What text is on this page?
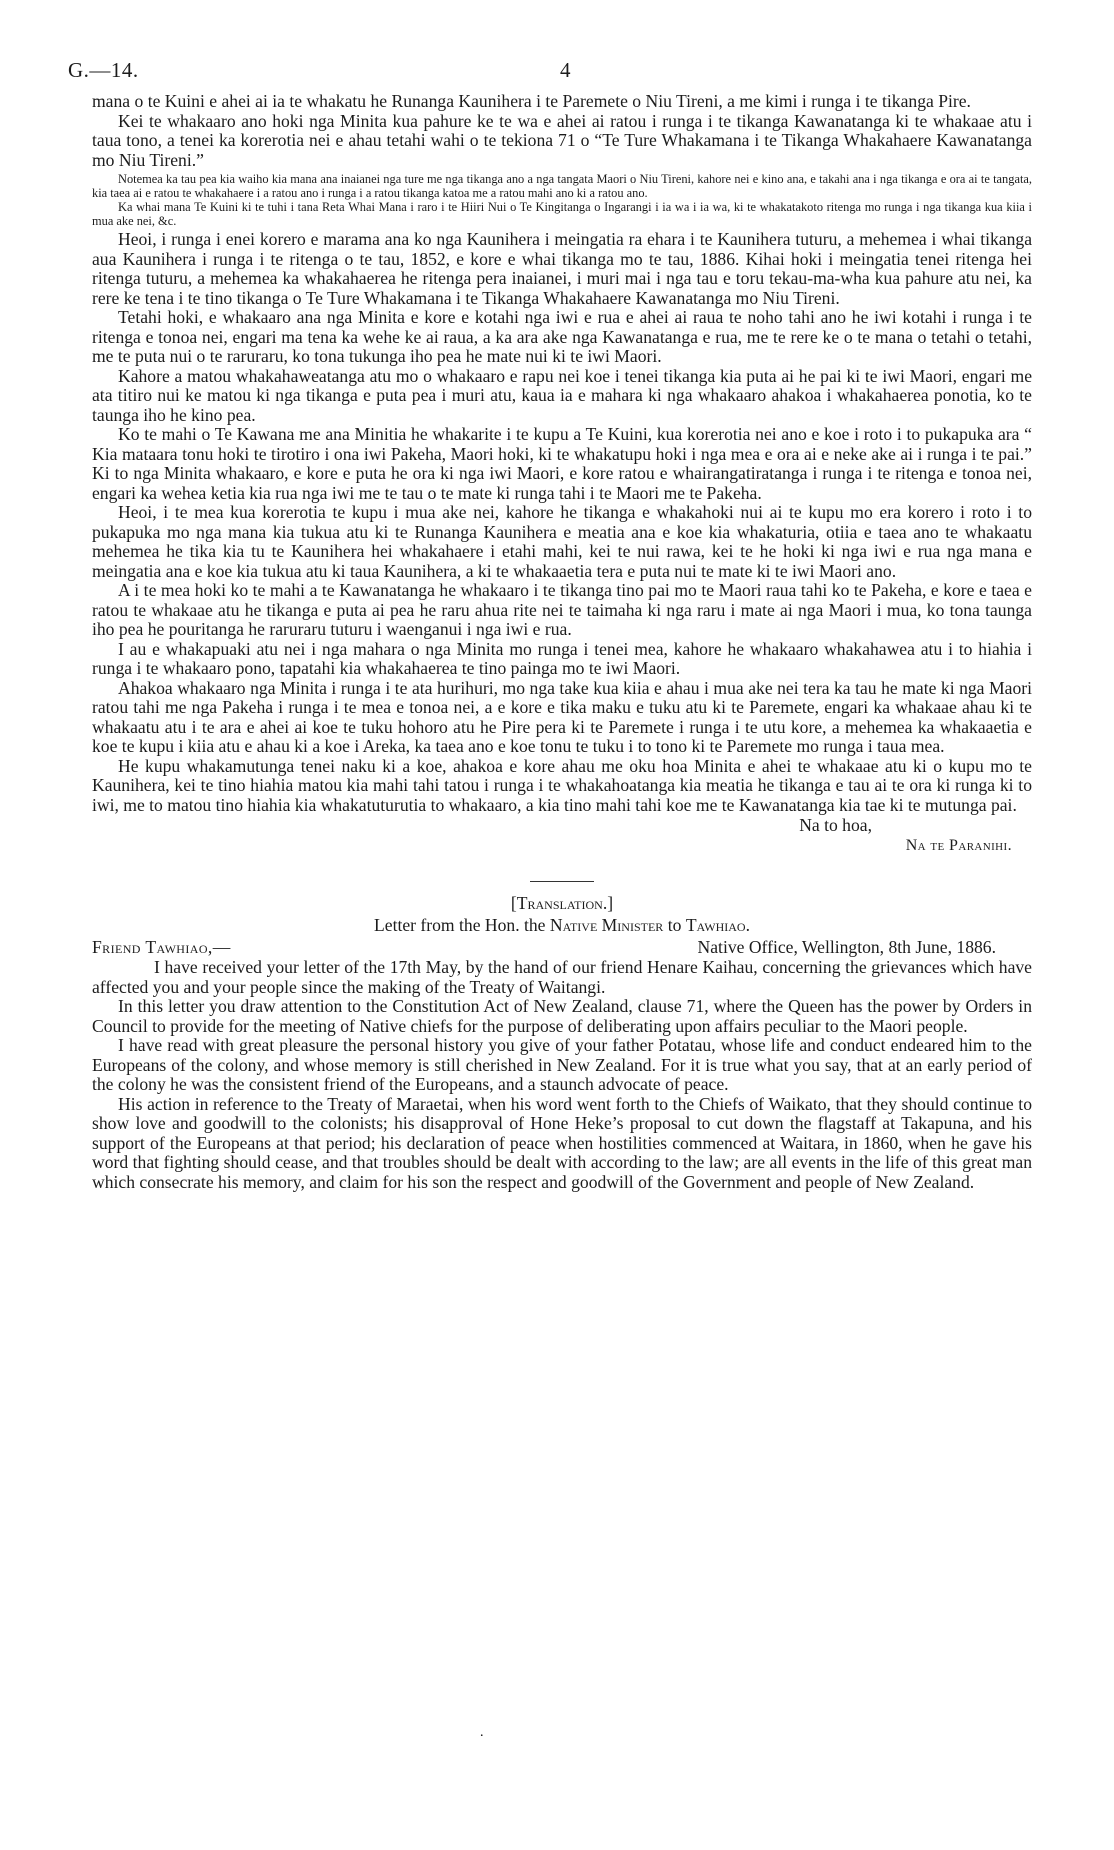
G.—14.	4

mana o te Kuini e ahei ai ia te whakatu he Runanga Kaunihera i te Paremete o Niu Tireni, a me kimi i runga i te tikanga Pire.

Kei te whakaaro ano hoki nga Minita kua pahure ke te wa e ahei ai ratou i runga i te tikanga Kawanatanga ki te whakaae atu i taua tono, a tenei ka korerotia nei e ahau tetahi wahi o te tekiona 71 o “Te Ture Whakamana i te Tikanga Whakahaere Kawanatanga mo Niu Tireni.”

Notemea ka tau pea kia waiho kia mana ana inaianei nga ture me nga tikanga ano a nga tangata Maori o Niu Tireni, kahore nei e kino ana, e takahi ana i nga tikanga e ora ai te tangata, kia taea ai e ratou te whakahaere i a ratou ano i runga i a ratou tikanga katoa me a ratou mahi ano ki a ratou ano.

Ka whai mana Te Kuini ki te tuhi i tana Reta Whai Mana i raro i te Hiiri Nui o Te Kingitanga o Ingarangi i ia wa i ia wa, ki te whakatakoto ritenga mo runga i nga tikanga kua kiia i mua ake nei, &c.

Heoi, i runga i enei korero e marama ana ko nga Kaunihera i meingatia ra ehara i te Kaunihera tuturu, a mehemea i whai tikanga aua Kaunihera i runga i te ritenga o te tau, 1852, e kore e whai tikanga mo te tau, 1886. Kihai hoki i meingatia tenei ritenga hei ritenga tuturu, a mehemea ka whakahaerea he ritenga pera inaianei, i muri mai i nga tau e toru tekau-ma-wha kua pahure atu nei, ka rere ke tena i te tino tikanga o Te Ture Whakamana i te Tikanga Whakahaere Kawanatanga mo Niu Tireni.

Tetahi hoki, e whakaaro ana nga Minita e kore e kotahi nga iwi e rua e ahei ai raua te noho tahi ano he iwi kotahi i runga i te ritenga e tonoa nei, engari ma tena ka wehe ke ai raua, a ka ara ake nga Kawanatanga e rua, me te rere ke o te mana o tetahi o tetahi, me te puta nui o te raruraru, ko tona tukunga iho pea he mate nui ki te iwi Maori.

Kahore a matou whakahaweatanga atu mo o whakaaro e rapu nei koe i tenei tikanga kia puta ai he pai ki te iwi Maori, engari me ata titiro nui ke matou ki nga tikanga e puta pea i muri atu, kaua ia e mahara ki nga whakaaro ahakoa i whakahaerea ponotia, ko te taunga iho he kino pea.

Ko te mahi o Te Kawana me ana Minitia he whakarite i te kupu a Te Kuini, kua korerotia nei ano e koe i roto i to pukapuka ara “ Kia mataara tonu hoki te tirotiro i ona iwi Pakeha, Maori hoki, ki te whakatupu hoki i nga mea e ora ai e neke ake ai i runga i te pai.” Ki to nga Minita whakaaro, e kore e puta he ora ki nga iwi Maori, e kore ratou e whairangatiratanga i runga i te ritenga e tonoa nei, engari ka wehea ketia kia rua nga iwi me te tau o te mate ki runga tahi i te Maori me te Pakeha.

Heoi, i te mea kua korerotia te kupu i mua ake nei, kahore he tikanga e whakahoki nui ai te kupu mo era korero i roto i to pukapuka mo nga mana kia tukua atu ki te Runanga Kaunihera e meatia ana e koe kia whakaturia, otiia e taea ano te whakaatu mehemea he tika kia tu te Kaunihera hei whakahaere i etahi mahi, kei te nui rawa, kei te he hoki ki nga iwi e rua nga mana e meingatia ana e koe kia tukua atu ki taua Kaunihera, a ki te whakaaetia tera e puta nui te mate ki te iwi Maori ano.

A i te mea hoki ko te mahi a te Kawanatanga he whakaaro i te tikanga tino pai mo te Maori raua tahi ko te Pakeha, e kore e taea e ratou te whakaae atu he tikanga e puta ai pea he raru ahua rite nei te taimaha ki nga raru i mate ai nga Maori i mua, ko tona taunga iho pea he pouritanga he raruraru tuturu i waenganui i nga iwi e rua.

I au e whakapuaki atu nei i nga mahara o nga Minita mo runga i tenei mea, kahore he whakaaro whakahawea atu i to hiahia i runga i te whakaaro pono, tapatahi kia whakahaerea te tino painga mo te iwi Maori.

Ahakoa whakaaro nga Minita i runga i te ata hurihuri, mo nga take kua kiia e ahau i mua ake nei tera ka tau he mate ki nga Maori ratou tahi me nga Pakeha i runga i te mea e tonoa nei, a e kore e tika maku e tuku atu ki te Paremete, engari ka whakaae ahau ki te whakaatu atu i te ara e ahei ai koe te tuku hohoro atu he Pire pera ki te Paremete i runga i te utu kore, a mehemea ka whakaaetia e koe te kupu i kiia atu e ahau ki a koe i Areka, ka taea ano e koe tonu te tuku i to tono ki te Paremete mo runga i taua mea.

He kupu whakamutunga tenei naku ki a koe, ahakoa e kore ahau me oku hoa Minita e ahei te whakaae atu ki o kupu mo te Kaunihera, kei te tino hiahia matou kia mahi tahi tatou i runga i te whakahoatanga kia meatia he tikanga e tau ai te ora ki runga ki to iwi, me to matou tino hiahia kia whakatuturutia to whakaaro, a kia tino mahi tahi koe me te Kawanatanga kia tae ki te mutunga pai.

Na to hoa,

Na te Paranihi.

[Translation.]
Letter from the Hon. the Native Minister to Tawhiao.
Friend Tawhiao,—	Native Office, Wellington, 8th June, 1886.

I have received your letter of the 17th May, by the hand of our friend Henare Kaihau, concerning the grievances which have affected you and your people since the making of the Treaty of Waitangi.

In this letter you draw attention to the Constitution Act of New Zealand, clause 71, where the Queen has the power by Orders in Council to provide for the meeting of Native chiefs for the purpose of deliberating upon affairs peculiar to the Maori people.

I have read with great pleasure the personal history you give of your father Potatau, whose life and conduct endeared him to the Europeans of the colony, and whose memory is still cherished in New Zealand. For it is true what you say, that at an early period of the colony he was the consistent friend of the Europeans, and a staunch advocate of peace.

His action in reference to the Treaty of Maraetai, when his word went forth to the Chiefs of Waikato, that they should continue to show love and goodwill to the colonists; his disapproval of Hone Heke’s proposal to cut down the flagstaff at Takapuna, and his support of the Europeans at that period; his declaration of peace when hostilities commenced at Waitara, in 1860, when he gave his word that fighting should cease, and that troubles should be dealt with according to the law; are all events in the life of this great man which consecrate his memory, and claim for his son the respect and goodwill of the Government and people of New Zealand.

.
